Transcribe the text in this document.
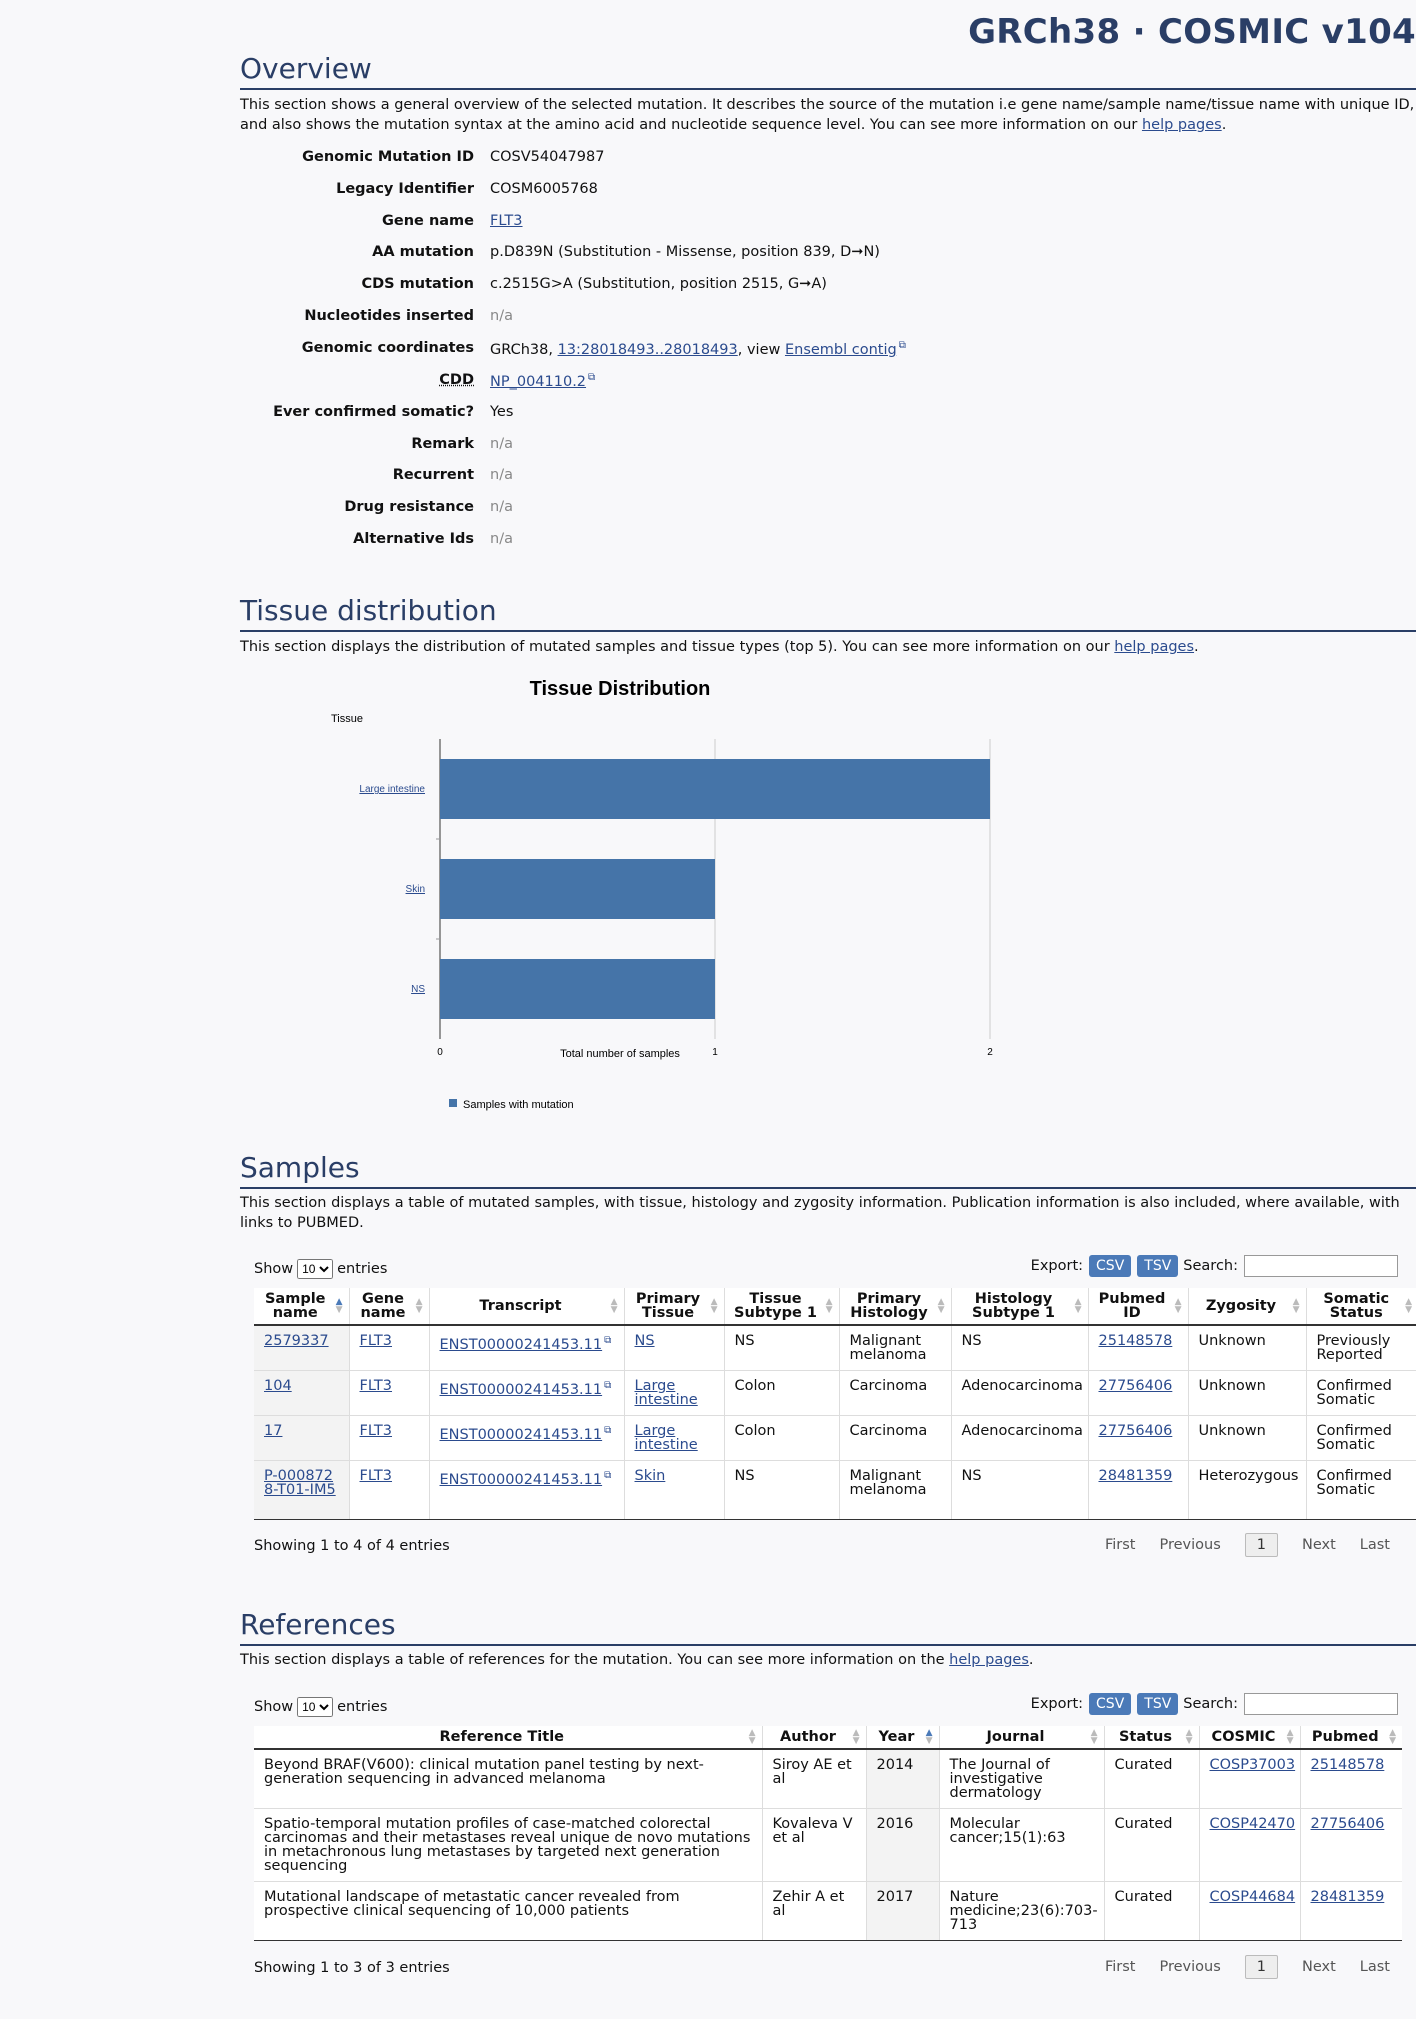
GRCh38 · COSMIC v104
Overview
This section shows a general overview of the selected mutation. It describes the source of the mutation i.e gene name/sample name/tissue name with unique ID, and also shows the mutation syntax at the amino acid and nucleotide sequence level. You can see more information on our help pages.
Genomic Mutation ID COSV54047987
Legacy Identifier COSM6005768
Gene name FLT3
AA mutation p.D839N (Substitution - Missense, position 839, D➞N)
CDS mutation c.2515G>A (Substitution, position 2515, G➞A)
Nucleotides inserted n/a
Genomic coordinates GRCh38, 13:28018493..28018493, view Ensembl contig ⧉
CDD NP_004110.2 ⧉
Ever confirmed somatic? Yes
Remark n/a
Recurrent n/a
Drug resistance n/a
Alternative Ids n/a
Tissue distribution
This section displays the distribution of mutated samples and tissue types (top 5). You can see more information on our help pages.
Tissue Distribution
Tissue
Large intestine
Skin
NS
0	1	2
Total number of samples
Samples with mutation
Samples
This section displays a table of mutated samples, with tissue, histology and zygosity information. Publication information is also included, where available, with links to PUBMED.
Show
10	entries	Export: CSV	TSV Search:
Sample name
▲
▼	Gene name
▲
▼	Transcript ▲
▼	Primary Tissue
▲
▼	Tissue Subtype 1
▲
▼	Primary Histology
▲
▼	Histology Subtype 1
▲
▼	Pubmed ID
▲
▼	Zygosity ▲
▼	Somatic Status
▲
▼

2579337	FLT3	ENST00000241453.11 ⧉	NS	NS	Malignant melanoma	NS	25148578	Unknown	Previously Reported
104	FLT3	ENST00000241453.11 ⧉	Large intestine	Colon	Carcinoma	Adenocarcinoma	27756406	Unknown	Confirmed Somatic
17	FLT3	ENST00000241453.11 ⧉	Large intestine	Colon	Carcinoma	Adenocarcinoma	27756406	Unknown	Confirmed Somatic
P-0008728-T01-IM5	FLT3	ENST00000241453.11 ⧉	Skin	NS	Malignant melanoma	NS	28481359	Heterozygous	Confirmed Somatic
Showing 1 to 4 of 4 entries	First Previous	1	Next Last
References
This section displays a table of references for the mutation. You can see more information on the help pages.
Show
10	entries	Export: CSV	TSV Search:
Reference Title ▲
▼	Author ▲
▼	Year ▲
▼	Journal ▲
▼	Status ▲
▼	COSMIC ▲
▼	Pubmed ▲
▼

Beyond BRAF(V600): clinical mutation panel testing by next-generation sequencing in advanced melanoma	Siroy AE et al	2014	The Journal of investigative dermatology	Curated	COSP37003	25148578
Spatio-temporal mutation profiles of case-matched colorectal carcinomas and their metastases reveal unique de novo mutations in metachronous lung metastases by targeted next generation sequencing	Kovaleva V et al	2016	Molecular cancer;15(1):63	Curated	COSP42470	27756406
Mutational landscape of metastatic cancer revealed from prospective clinical sequencing of 10,000 patients	Zehir A et al	2017	Nature medicine;23(6):703-713	Curated	COSP44684	28481359
Showing 1 to 3 of 3 entries	First Previous	1	Next Last
